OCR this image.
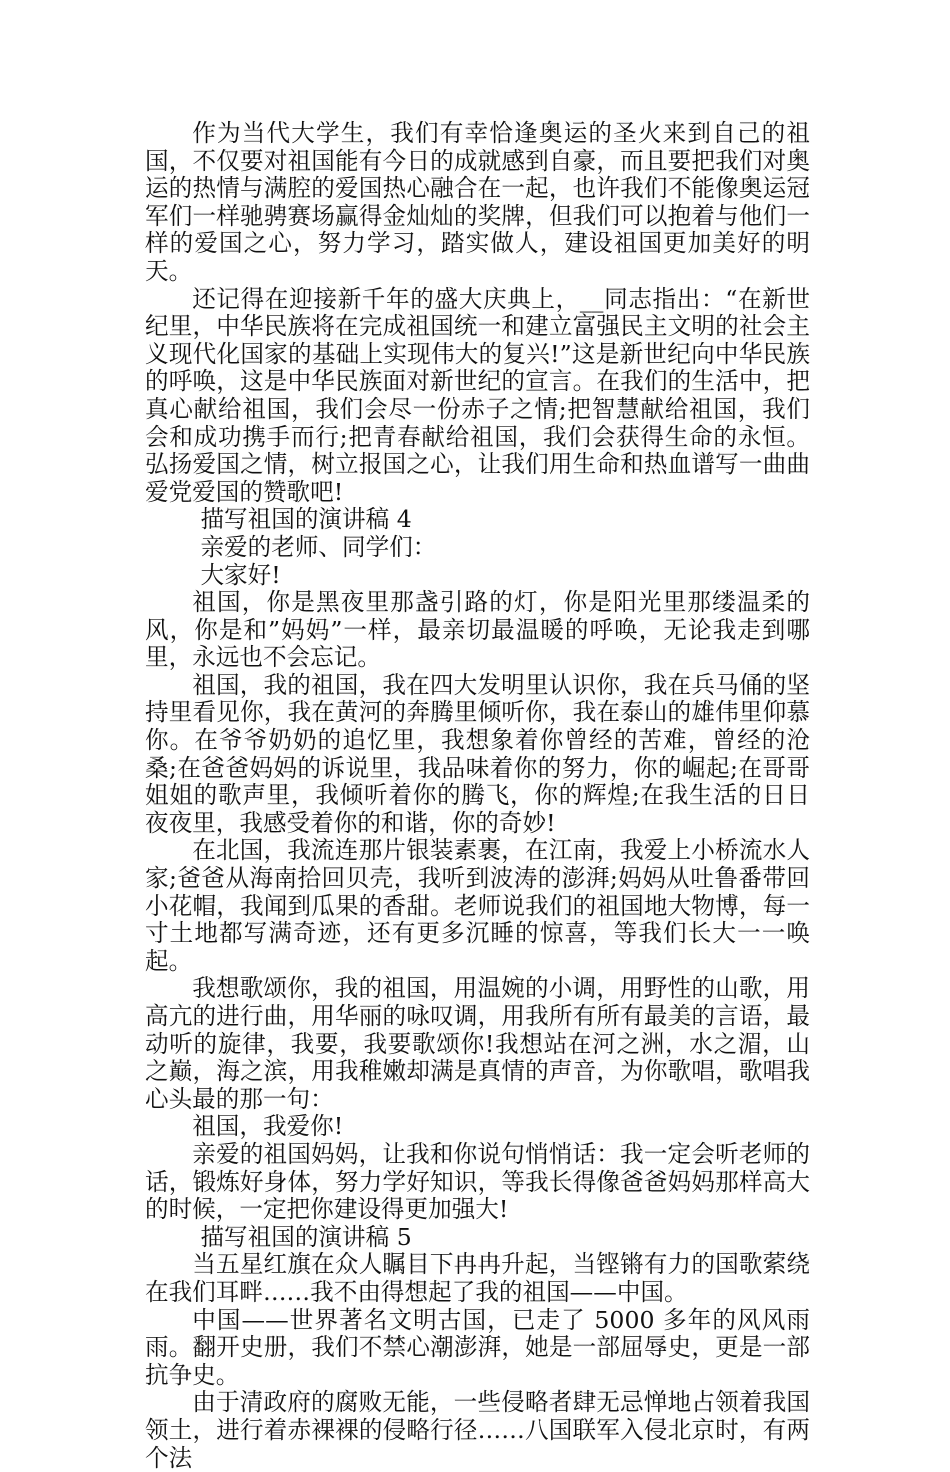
作为当代大学生，我们有幸恰逢奥运的圣火来到自己的祖国，不仅要对祖国能有今日的成就感到自豪，而且要把我们对奥运的热情与满腔的爱国热心融合在一起，也许我们不能像奥运冠军们一样驰骋赛场赢得金灿灿的奖牌，但我们可以抱着与他们一样的爱国之心，努力学习，踏实做人，建设祖国更加美好的明天。

还记得在迎接新千年的盛大庆典上，__同志指出：“在新世纪里，中华民族将在完成祖国统一和建立富强民主文明的社会主义现代化国家的基础上实现伟大的复兴!”这是新世纪向中华民族的呼唤，这是中华民族面对新世纪的宣言。在我们的生活中，把真心献给祖国，我们会尽一份赤子之情;把智慧献给祖国，我们会和成功携手而行;把青春献给祖国，我们会获得生命的永恒。弘扬爱国之情，树立报国之心，让我们用生命和热血谱写一曲曲爱党爱国的赞歌吧!

描写祖国的演讲稿 4

亲爱的老师、同学们：

大家好!

祖国，你是黑夜里那盏引路的灯，你是阳光里那缕温柔的风，你是和”妈妈”一样，最亲切最温暖的呼唤，无论我走到哪里，永远也不会忘记。

祖国，我的祖国，我在四大发明里认识你，我在兵马俑的坚持里看见你，我在黄河的奔腾里倾听你，我在泰山的雄伟里仰慕你。在爷爷奶奶的追忆里，我想象着你曾经的苦难，曾经的沧桑;在爸爸妈妈的诉说里，我品味着你的努力，你的崛起;在哥哥姐姐的歌声里，我倾听着你的腾飞，你的辉煌;在我生活的日日夜夜里，我感受着你的和谐，你的奇妙!

在北国，我流连那片银装素裹，在江南，我爱上小桥流水人家;爸爸从海南拾回贝壳，我听到波涛的澎湃;妈妈从吐鲁番带回小花帽，我闻到瓜果的香甜。老师说我们的祖国地大物博，每一寸土地都写满奇迹，还有更多沉睡的惊喜，等我们长大一一唤起。

我想歌颂你，我的祖国，用温婉的小调，用野性的山歌，用高亢的进行曲，用华丽的咏叹调，用我所有所有最美的言语，最动听的旋律，我要，我要歌颂你!我想站在河之洲，水之湄，山之巅，海之滨，用我稚嫩却满是真情的声音，为你歌唱，歌唱我心头最的那一句：

祖国，我爱你!

亲爱的祖国妈妈，让我和你说句悄悄话：我一定会听老师的话，锻炼好身体，努力学好知识，等我长得像爸爸妈妈那样高大的时候，一定把你建设得更加强大!

描写祖国的演讲稿 5

当五星红旗在众人瞩目下冉冉升起，当铿锵有力的国歌萦绕在我们耳畔……我不由得想起了我的祖国——中国。

中国——世界著名文明古国，已走了 5000 多年的风风雨雨。翻开史册，我们不禁心潮澎湃，她是一部屈辱史，更是一部抗争史。

由于清政府的腐败无能，一些侵略者肆无忌惮地占领着我国领土，进行着赤裸裸的侵略行径……八国联军入侵北京时，有两个法
